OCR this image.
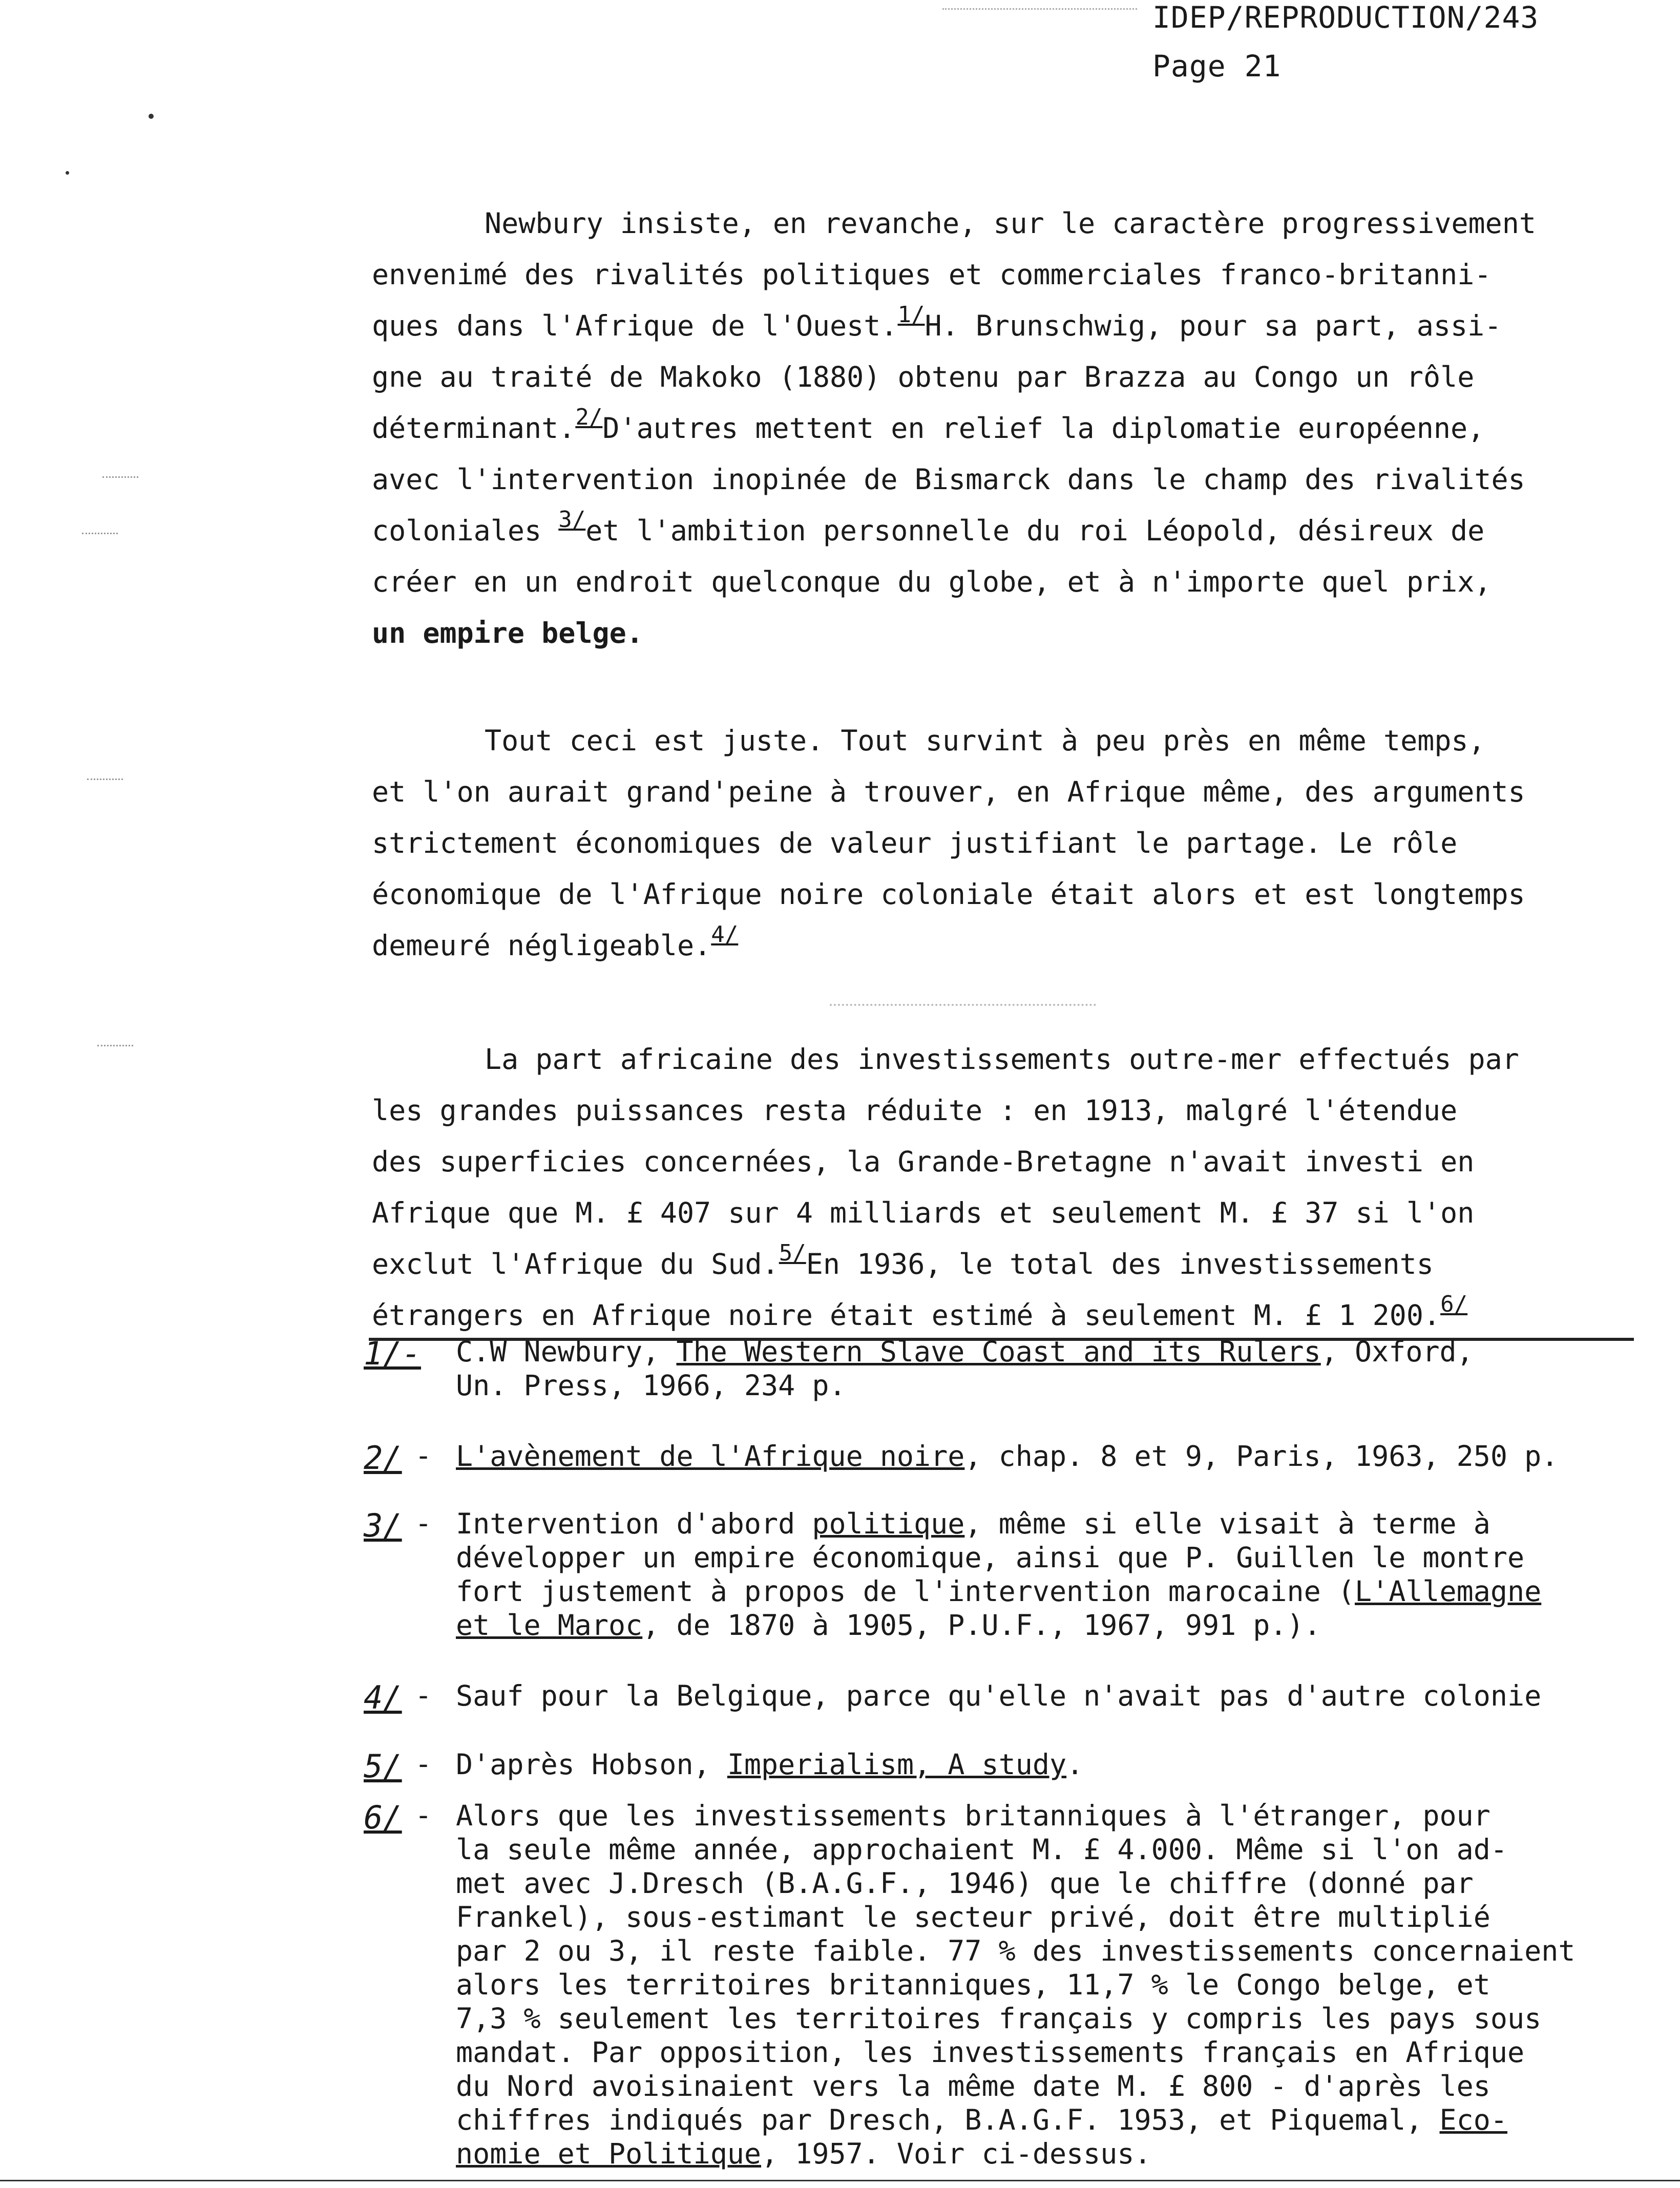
IDEP/REPRODUCTION/243
Page 21

Newbury insiste, en revanche, sur le caractère progressivement

envenimé des rivalités politiques et commerciales franco-britanni-

ques dans l'Afrique de l'Ouest.$^{1/}$H. Brunschwig, pour sa part, assi-

gne au traité de Makoko (1880) obtenu par Brazza au Congo un rôle

déterminant.$^{2/}$D'autres mettent en relief la diplomatie européenne,

avec l'intervention inopinée de Bismarck dans le champ des rivalités

coloniales $^{3/}$et l'ambition personnelle du roi Léopold, désireux de

créer en un endroit quelconque du globe, et à n'importe quel prix,

un empire belge.

Tout ceci est juste. Tout survint à peu près en même temps,

et l'on aurait grand'peine à trouver, en Afrique même, des arguments

strictement économiques de valeur justifiant le partage. Le rôle

économique de l'Afrique noire coloniale était alors et est longtemps

demeuré négligeable.$^{4/}$

La part africaine des investissements outre-mer effectués par

les grandes puissances resta réduite : en 1913, malgré l'étendue

des superficies concernées, la Grande-Bretagne n'avait investi en

Afrique que M. £ 407 sur 4 milliards et seulement M. £ 37 si l'on

exclut l'Afrique du Sud.$^{5/}$En 1936, le total des investissements

étrangers en Afrique noire était estimé à seulement M. £ 1 200.$^{6/}$

1/- C.W Newbury, The Western Slave Coast and its Rulers, Oxford,

Un. Press, 1966, 234 p.

2/ - L'avènement de l'Afrique noire, chap. 8 et 9, Paris, 1963, 250 p.

3/ - Intervention d'abord politique, même si elle visait à terme à

développer un empire économique, ainsi que P. Guillen le montre

fort justement à propos de l'intervention marocaine (L'Allemagne

et le Maroc, de 1870 à 1905, P.U.F., 1967, 991 p.).

4/ - Sauf pour la Belgique, parce qu'elle n'avait pas d'autre colonie

5/ - D'après Hobson, Imperialism, A study.

6/ - Alors que les investissements britanniques à l'étranger, pour

la seule même année, approchaient M. £ 4.000. Même si l'on ad-

met avec J.Dresch (B.A.G.F., 1946) que le chiffre (donné par

Frankel), sous-estimant le secteur privé, doit être multiplié

par 2 ou 3, il reste faible. 77 % des investissements concernaient

alors les territoires britanniques, 11,7 % le Congo belge, et

7,3 % seulement les territoires français y compris les pays sous

mandat. Par opposition, les investissements français en Afrique

du Nord avoisinaient vers la même date M. £ 800 - d'après les

chiffres indiqués par Dresch, B.A.G.F. 1953, et Piquemal, Eco-

nomie et Politique, 1957. Voir ci-dessus.
